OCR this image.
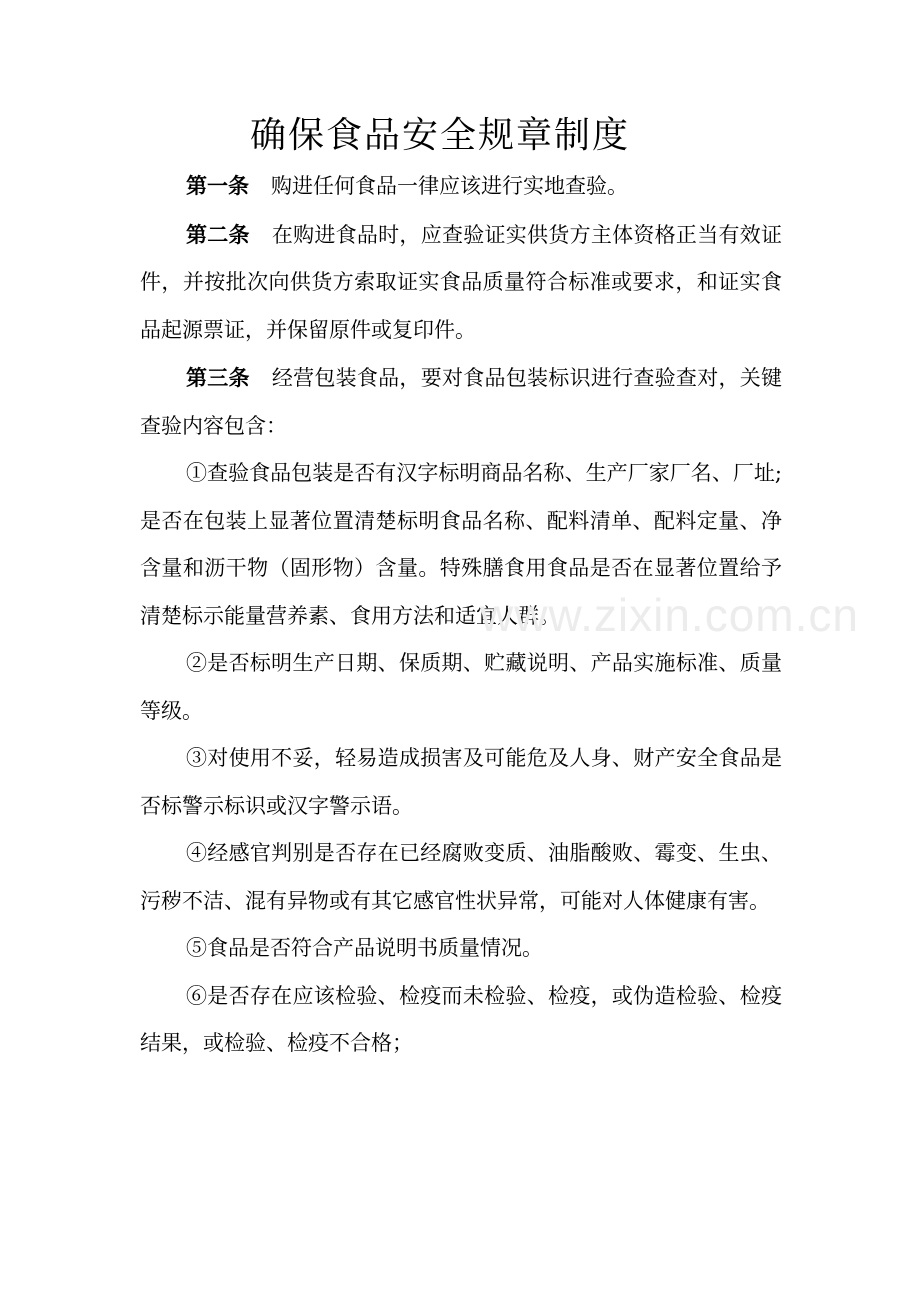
确保食品安全规章制度

第一条 购进任何食品一律应该进行实地查验。

第二条 在购进食品时，应查验证实供货方主体资格正当有效证件，并按批次向供货方索取证实食品质量符合标准或要求，和证实食品起源票证，并保留原件或复印件。

第三条 经营包装食品，要对食品包装标识进行查验查对，关键查验内容包含：

①查验食品包装是否有汉字标明商品名称、生产厂家厂名、厂址; 是否在包装上显著位置清楚标明食品名称、配料清单、配料定量、净含量和沥干物（固形物）含量。特殊膳食用食品是否在显著位置给予清楚标示能量营养素、食用方法和适宜人群。

②是否标明生产日期、保质期、贮藏说明、产品实施标准、质量等级。

③对使用不妥，轻易造成损害及可能危及人身、财产安全食品是否标警示标识或汉字警示语。

④经感官判别是否存在已经腐败变质、油脂酸败、霉变、生虫、污秽不洁、混有异物或有其它感官性状异常，可能对人体健康有害。

⑤食品是否符合产品说明书质量情况。

⑥是否存在应该检验、检疫而未检验、检疫，或伪造检验、检疫结果，或检验、检疫不合格；

www.zixin.com.cn
